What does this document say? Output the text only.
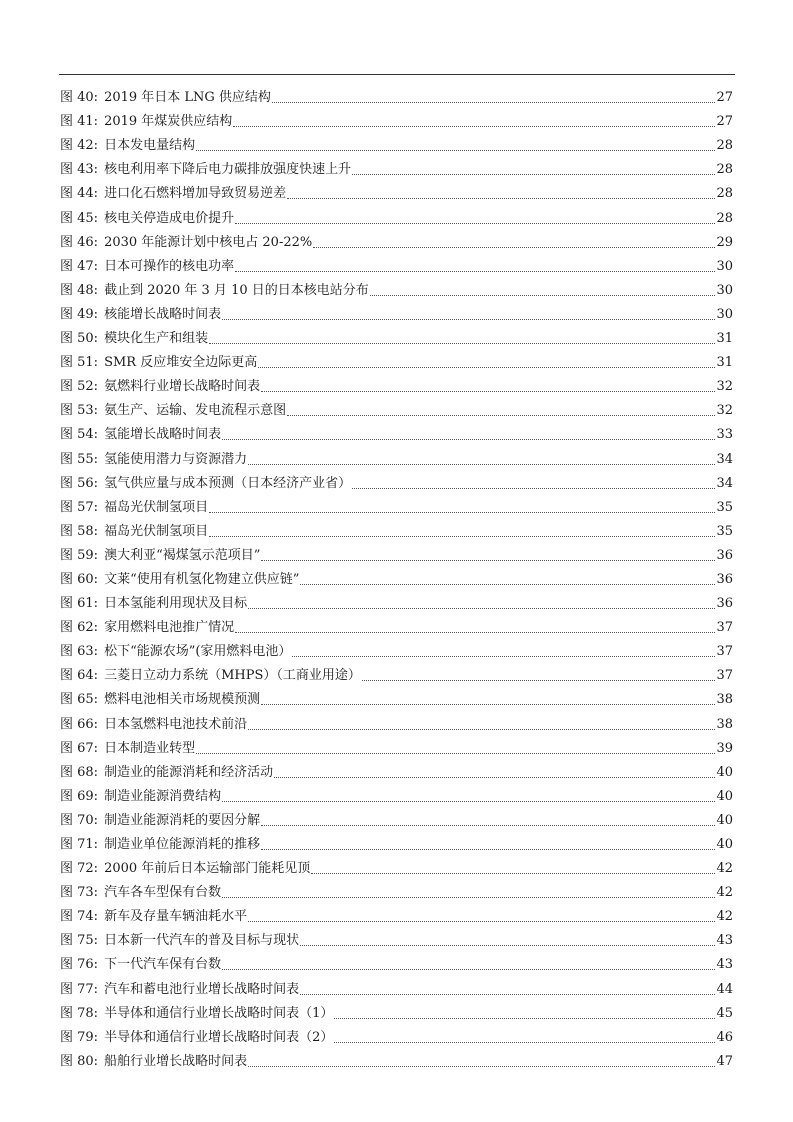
图 40: 2019 年日本 LNG 供应结构	27
图 41: 2019 年煤炭供应结构	27
图 42: 日本发电量结构	28
图 43: 核电利用率下降后电力碳排放强度快速上升	28
图 44: 进口化石燃料增加导致贸易逆差	28
图 45: 核电关停造成电价提升	28
图 46: 2030 年能源计划中核电占 20-22%	29
图 47: 日本可操作的核电功率	30
图 48: 截止到 2020 年 3 月 10 日的日本核电站分布	30
图 49: 核能增长战略时间表	30
图 50: 模块化生产和组装	31
图 51: SMR 反应堆安全边际更高	31
图 52: 氨燃料行业增长战略时间表	32
图 53: 氨生产、运输、发电流程示意图	32
图 54: 氢能增长战略时间表	33
图 55: 氢能使用潜力与资源潜力	34
图 56: 氢气供应量与成本预测（日本经济产业省）	34
图 57: 福岛光伏制氢项目	35
图 58: 福岛光伏制氢项目	35
图 59: 澳大利亚“褐煤氢示范项目”	36
图 60: 文莱“使用有机氢化物建立供应链”	36
图 61: 日本氢能利用现状及目标	36
图 62: 家用燃料电池推广情况	37
图 63: 松下“能源农场”(家用燃料电池）	37
图 64: 三菱日立动力系统（MHPS）（工商业用途）	37
图 65: 燃料电池相关市场规模预测	38
图 66: 日本氢燃料电池技术前沿	38
图 67: 日本制造业转型	39
图 68: 制造业的能源消耗和经济活动	40
图 69: 制造业能源消费结构	40
图 70: 制造业能源消耗的要因分解	40
图 71: 制造业单位能源消耗的推移	40
图 72: 2000 年前后日本运输部门能耗见顶	42
图 73: 汽车各车型保有台数	42
图 74: 新车及存量车辆油耗水平	42
图 75: 日本新一代汽车的普及目标与现状	43
图 76: 下一代汽车保有台数	43
图 77: 汽车和蓄电池行业增长战略时间表	44
图 78: 半导体和通信行业增长战略时间表（1）	45
图 79: 半导体和通信行业增长战略时间表（2）	46
图 80: 船舶行业增长战略时间表	47
